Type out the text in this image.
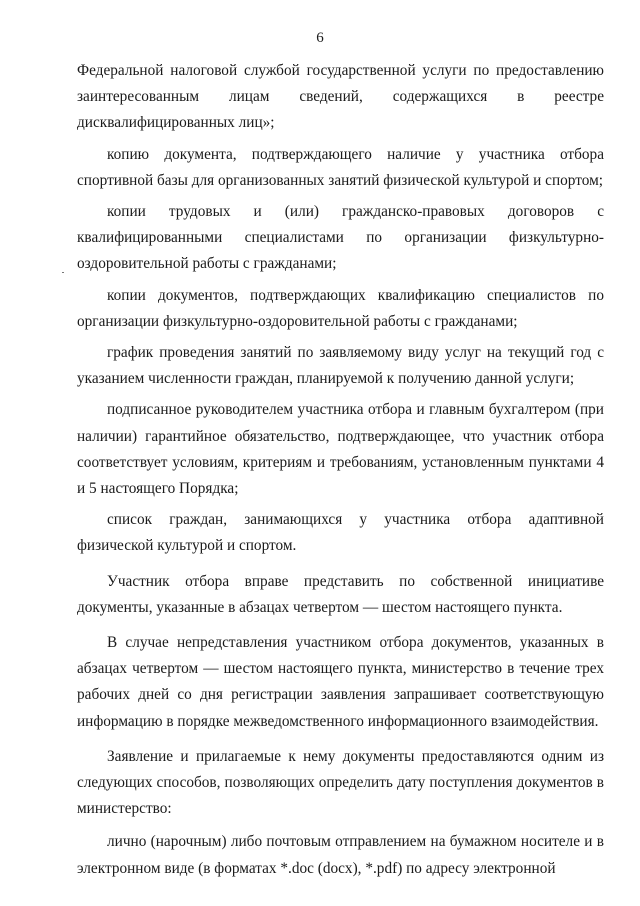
6

Федеральной налоговой службой государственной услуги по предоставлению заинтересованным лицам сведений, содержащихся в реестре дисквалифицированных лиц»;

копию документа, подтверждающего наличие у участника отбора спортивной базы для организованных занятий физической культурой и спортом;

копии трудовых и (или) гражданско-правовых договоров с квалифицированными специалистами по организации физкультурно-оздоровительной работы с гражданами;

копии документов, подтверждающих квалификацию специалистов по организации физкультурно-оздоровительной работы с гражданами;

график проведения занятий по заявляемому виду услуг на текущий год с указанием численности граждан, планируемой к получению данной услуги;

подписанное руководителем участника отбора и главным бухгалтером (при наличии) гарантийное обязательство, подтверждающее, что участник отбора соответствует условиям, критериям и требованиям, установленным пунктами 4 и 5 настоящего Порядка;

список граждан, занимающихся у участника отбора адаптивной физической культурой и спортом.

Участник отбора вправе представить по собственной инициативе документы, указанные в абзацах четвертом — шестом настоящего пункта.

В случае непредставления участником отбора документов, указанных в абзацах четвертом — шестом настоящего пункта, министерство в течение трех рабочих дней со дня регистрации заявления запрашивает соответствующую информацию в порядке межведомственного информационного взаимодействия.

Заявление и прилагаемые к нему документы предоставляются одним из следующих способов, позволяющих определить дату поступления документов в министерство:

лично (нарочным) либо почтовым отправлением на бумажном носителе и в электронном виде (в форматах *.doc (docx), *.pdf) по адресу электронной
